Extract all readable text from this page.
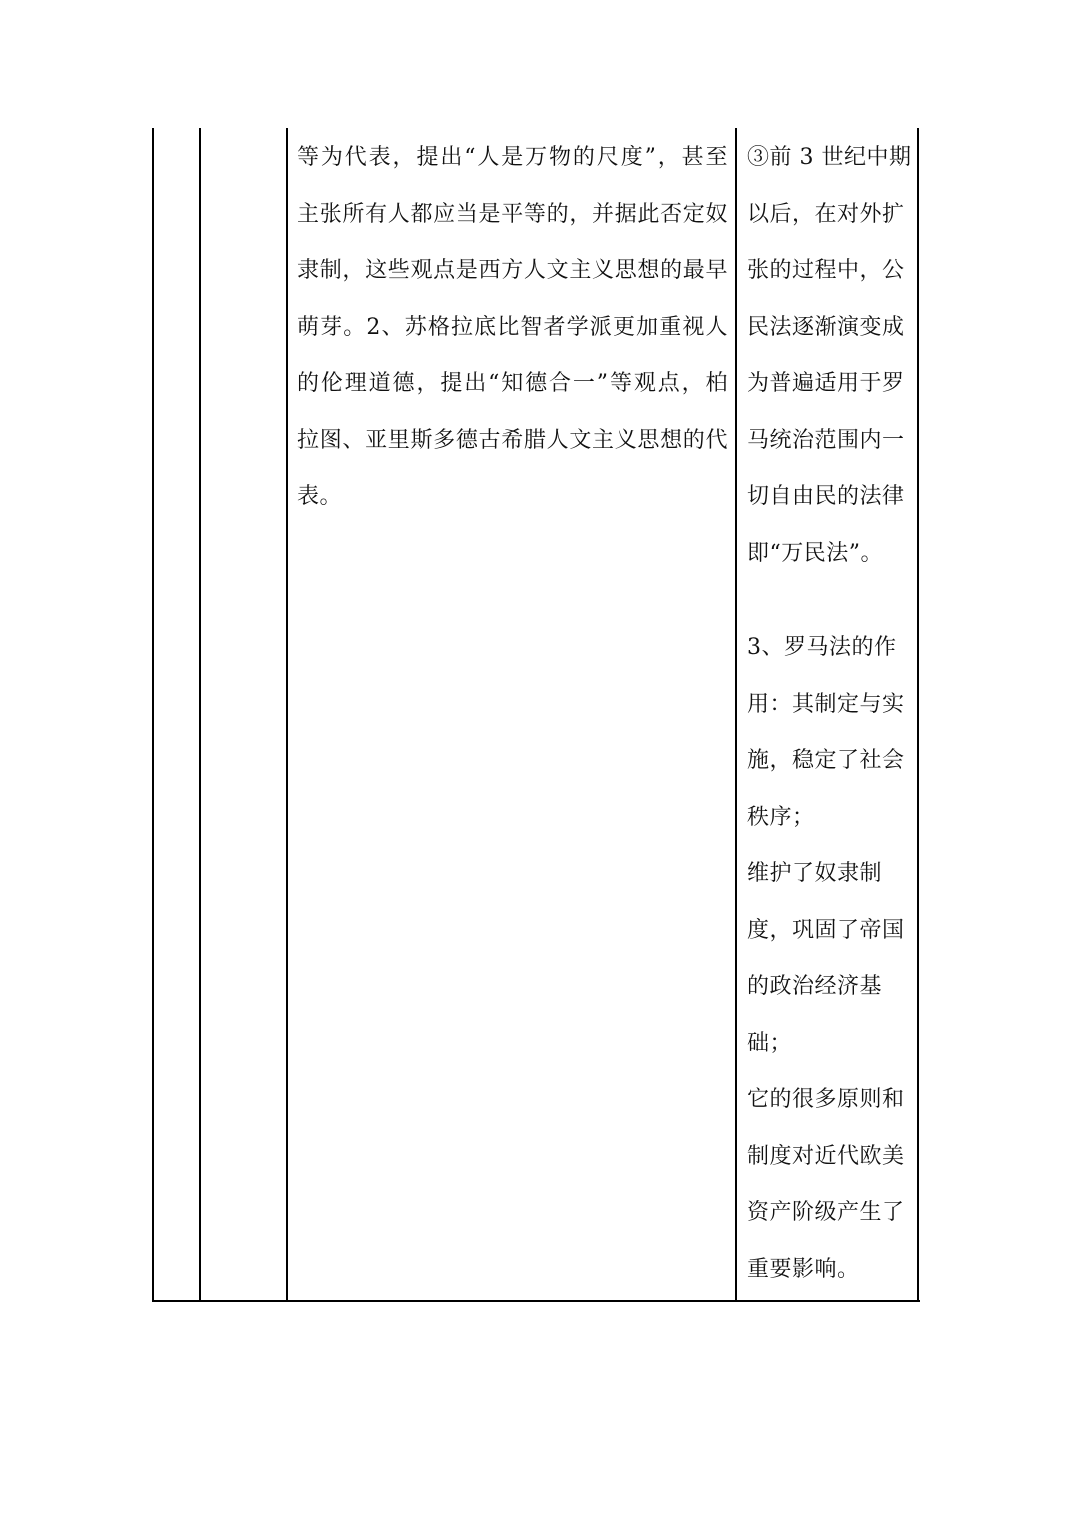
等为代表，提出“人是万物的尺度”，甚至
主张所有人都应当是平等的，并据此否定奴
隶制，这些观点是西方人文主义思想的最早
萌芽。2、苏格拉底比智者学派更加重视人
的伦理道德，提出“知德合一”等观点，柏
拉图、亚里斯多德古希腊人文主义思想的代
表。
③前 3 世纪中期
以后，在对外扩
张的过程中，公
民法逐渐演变成
为普遍适用于罗
马统治范围内一
切自由民的法律
即“万民法”。
3、罗马法的作
用：其制定与实
施，稳定了社会
秩序；
维护了奴隶制
度，巩固了帝国
的政治经济基
础；
它的很多原则和
制度对近代欧美
资产阶级产生了
重要影响。
